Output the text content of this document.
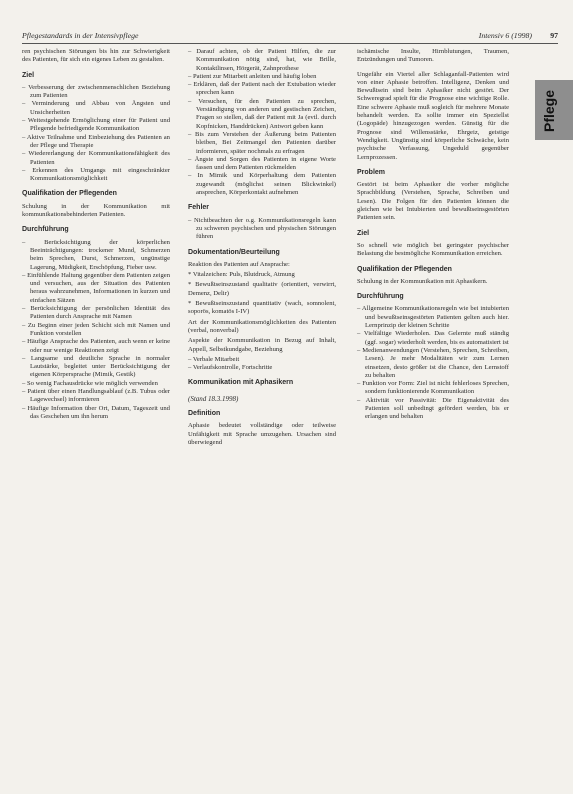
Pflegestandards in der Intensivpflege	Intensiv 6 (1998) 97
Pflege

ren psychischen Störungen bis hin zur Schwierigkeit des Patienten, für sich ein eigenes Leben zu gestalten.

Ziel
– Verbesserung der zwischenmenschlichen Beziehung zum Patienten
– Verminderung und Abbau von Ängsten und Unsicherheiten
– Weitestgehende Ermöglichung einer für Patient und Pflegende befriedigende Kommunikation
– Aktive Teilnahme und Einbeziehung des Patienten an der Pflege und Therapie
– Wiedererlangung der Kommunikationsfähigkeit des Patienten
– Erkennen des Umgangs mit eingeschränkter Kommunikationsmöglichkeit
Qualifikation der Pflegenden

Schulung in der Kommunikation mit kommunikationsbehinderten Patienten.

Durchführung
– Berücksichtigung der körperlichen Beeinträchtigungen: trockener Mund, Schmerzen beim Sprechen, Durst, Schmerzen, ungünstige Lagerung, Müdigkeit, Erschöpfung, Fieber usw.
– Einfühlende Haltung gegenüber dem Patienten zeigen und versuchen, aus der Situation des Patienten heraus wahrzunehmen, Informationen in kurzen und einfachen Sätzen
– Berücksichtigung der persönlichen Identität des Patienten durch Ansprache mit Namen
– Zu Beginn einer jeden Schicht sich mit Namen und Funktion vorstellen
– Häufige Ansprache des Patienten, auch wenn er keine oder nur wenige Reaktionen zeigt
– Langsame und deutliche Sprache in normaler Lautstärke, begleitet unter Berücksichtigung der eigenen Körpersprache (Mimik, Gestik)
– So wenig Fachausdrücke wie möglich verwenden
– Patient über einen Handlungsablauf (z.B. Tubus oder Lagewechsel) informieren
– Häufige Information über Ort, Datum, Tageszeit und das Geschehen um ihn herum
– Darauf achten, ob der Patient Hilfen, die zur Kommunikation nötig sind, hat, wie Brille, Kontaktlinsen, Hörgerät, Zahnprothese
– Patient zur Mitarbeit anleiten und häufig loben
– Erklären, daß der Patient nach der Extubation wieder sprechen kann
– Versuchen, für den Patienten zu sprechen, Verständigung von anderen und gestischen Zeichen, Fragen so stellen, daß der Patient mit Ja (evtl. durch Kopfnicken, Handdrücken) Antwort geben kann
– Bis zum Verstehen der Äußerung beim Patienten bleiben, Bei Zeitmangel den Patienten darüber informieren, später nochmals zu erfragen
– Ängste und Sorgen des Patienten in eigene Worte fassen und dem Patienten rückmelden
– In Mimik und Körperhaltung dem Patienten zugewandt (möglichst seinen Blickwinkel) ansprechen, Körperkontakt aufnehmen
Fehler
– Nichtbeachten der o.g. Kommunikationsregeln kann zu schweren psychischen und physischen Störungen führen
Dokumentation/Beurteilung

Reaktion des Patienten auf Ansprache:

* Vitalzeichen: Puls, Blutdruck, Atmung

* Bewußtseinszustand qualitativ (orientiert, verwirrt, Demenz, Delir)

* Bewußtseinszustand quantitativ (wach, somnolent, soporös, komatös I-IV)

Art der Kommunikationsmöglichkeiten des Patienten (verbal, nonverbal)

Aspekte der Kommunikation in Bezug auf Inhalt, Appell, Selbstkundgabe, Beziehung

– Verbale Mitarbeit
– Verlaufskontrolle, Fortschritte
Kommunikation mit Aphasikern
(Stand 18.3.1998)
Definition

Aphasie bedeutet vollständige oder teilweise Unfähigkeit mit Sprache umzugehen. Ursachen sind überwiegend

ischämische Insulte, Hirnblutungen, Traumen, Entzündungen und Tumoren.

Ungefähr ein Viertel aller Schlaganfall-Patienten wird von einer Aphasie betroffen. Intelligenz, Denken und Bewußtsein sind beim Aphasiker nicht gestört. Der Schweregrad spielt für die Prognose eine wichtige Rolle. Eine schwere Aphasie muß sogleich für mehrere Monate behandelt werden. Es sollte immer ein Speziellst (Logopäde) hinzugezogen werden. Günstig für die Prognose sind Willensstärke, Ehrgeiz, geistige Wendigkeit. Ungünstig sind körperliche Schwäche, kein psychische Verfassung, Ungeduld gegenüber Lernprozessen.

Problem

Gestört ist beim Aphasiker die vorher mögliche Sprachbildung (Verstehen, Sprache, Schreiben und Lesen). Die Folgen für den Patienten können die gleichen wie bei Intubierten und bewußtseinsgestörten Patienten sein.

Ziel

So schnell wie möglich bei geringster psychischer Belastung die bestmögliche Kommunikation erreichen.

Qualifikation der Pflegenden

Schulung in der Kommunikation mit Aphasikern.

Durchführung
– Allgemeine Kommunikationsregeln wie bei intubierten und bewußtseinsgestörten Patienten gelten auch hier. Lernprinzip der kleinen Schritte
– Vielfältige Wiederholen. Das Gelernte muß ständig (ggf. sogar) wiederholt werden, bis es automatisiert ist
– Medienanwendungen (Verstehen, Sprechen, Schreiben, Lesen). Je mehr Modalitäten wir zum Lernen einsetzen, desto größer ist die Chance, den Lernstoff zu behalten
– Funktion vor Form: Ziel ist nicht fehlerloses Sprechen, sondern funktionierende Kommunikation
– Aktivität vor Passivität: Die Eigenaktivität des Patienten soll unbedingt gefördert werden, bis er erlangen und behalten
